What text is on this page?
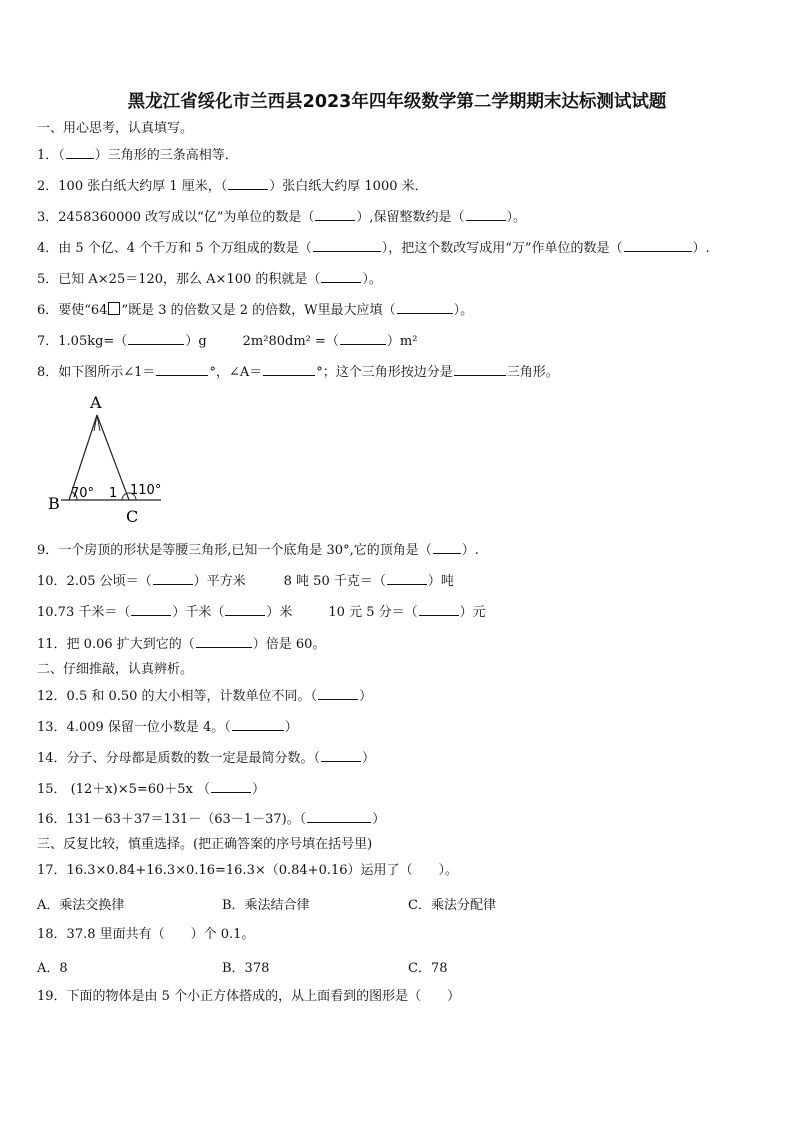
黑龙江省绥化市兰西县2023年四年级数学第二学期期末达标测试试题
一、用心思考，认真填写。
1．（ ）三角形的三条高相等．
2．100 张白纸大约厚 1 厘米，（	）张白纸大约厚 1000 米．
3．2458360000 改写成以“亿”为单位的数是（	）,保留整数约是（	）。
4．由 5 个亿、4 个千万和 5 个万组成的数是（	），把这个数改写成用“万”作单位的数是（	）.
5．已知 A×25＝120，那么 A×100 的积就是（	）。
6．要使“64 ”既是 3 的倍数又是 2 的倍数，W里最大应填（	）。
7．1.05kg=（	）g	2m²80dm² =（	）m²
8．如下图所示∠1＝	°，∠A＝	°；这个三角形按边分是	三角形。
A
B
C
70° 1 110°
9．一个房顶的形状是等腰三角形,已知一个底角是 30°,它的顶角是（ ）.
10．2.05 公顷＝（	）平方米	8 吨 50 千克＝（	）吨
10.73 千米＝（	）千米（	）米	10 元 5 分＝（	）元
11．把 0.06 扩大到它的（	）倍是 60。
二、仔细推敲，认真辨析。
12．0.5 和 0.50 的大小相等，计数单位不同。（	）
13．4.009 保留一位小数是 4。（	）
14．分子、分母都是质数的数一定是最简分数。（	）
15． (12＋x)×5=60＋5x （	）
16．131－63＋37＝131－（63－1－37)。（	）
三、反复比较，慎重选择。(把正确答案的序号填在括号里)
17．16.3×0.84+16.3×0.16=16.3×（0.84+0.16）运用了（　　）。
A．乘法交换律	B．乘法结合律	C．乘法分配律
18．37.8 里面共有（　　）个 0.1。
A．8	B．378	C．78
19．下面的物体是由 5 个小正方体搭成的，从上面看到的图形是（　　）
